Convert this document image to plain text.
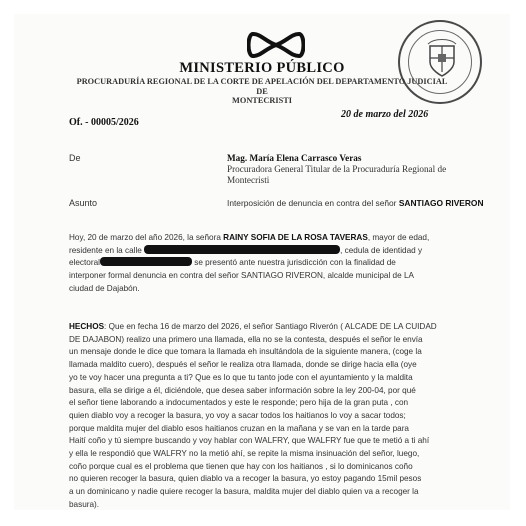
MINISTERIO PÚBLICO
PROCURADURÍA REGIONAL DE LA CORTE DE APELACIÓN DEL DEPARTAMENTO JUDICIAL DE
MONTECRISTI
Of. - 00005/2026
20 de marzo del 2026
De	Mag. María Elena Carrasco Veras
Procuradora General Titular de la Procuraduría Regional de
Montecristi
Asunto	Interposición de denuncia en contra del señor SANTIAGO RIVERON
Hoy, 20 de marzo del año 2026, la señora RAINY SOFIA DE LA ROSA TAVERAS, mayor de edad,
residente en la calle	, cedula de identidad y
electoral	se presentó ante nuestra jurisdicción con la finalidad de
interponer formal denuncia en contra del señor SANTIAGO RIVERON, alcalde municipal de LA
ciudad de Dajabón.
HECHOS: Que en fecha 16 de marzo del 2026, el señor Santiago Riverón ( ALCADE DE LA CUIDAD
DE DAJABON) realizo una primero una llamada, ella no se la contesta, después el señor le envía
un mensaje donde le dice que tomara la llamada eh insultándola de la siguiente manera, (coge la
llamada maldito cuero), después el señor le realiza otra llamada, donde se dirige hacia ella (oye
yo te voy hacer una pregunta a ti? Que es lo que tu tanto jode con el ayuntamiento y la maldita
basura, ella se dirige a él, diciéndole, que desea saber información sobre la ley 200-04, por qué
el señor tiene laborando a indocumentados y este le responde; pero hija de la gran puta , con
quien diablo voy a recoger la basura, yo voy a sacar todos los haitianos lo voy a sacar todos;
porque maldita mujer del diablo esos haitianos cruzan en la mañana y se van en la tarde para
Haití coño y tú siempre buscando y voy hablar con WALFRY, que WALFRY fue que te metió a ti ahí
y ella le respondió que WALFRY no la metió ahí, se repite la misma insinuación del señor, luego,
coño porque cual es el problema que tienen que hay con los haitianos , si lo dominicanos coño
no quieren recoger la basura, quien diablo va a recoger la basura, yo estoy pagando 15mil pesos
a un dominicano y nadie quiere recoger la basura, maldita mujer del diablo quien va a recoger la
basura).
